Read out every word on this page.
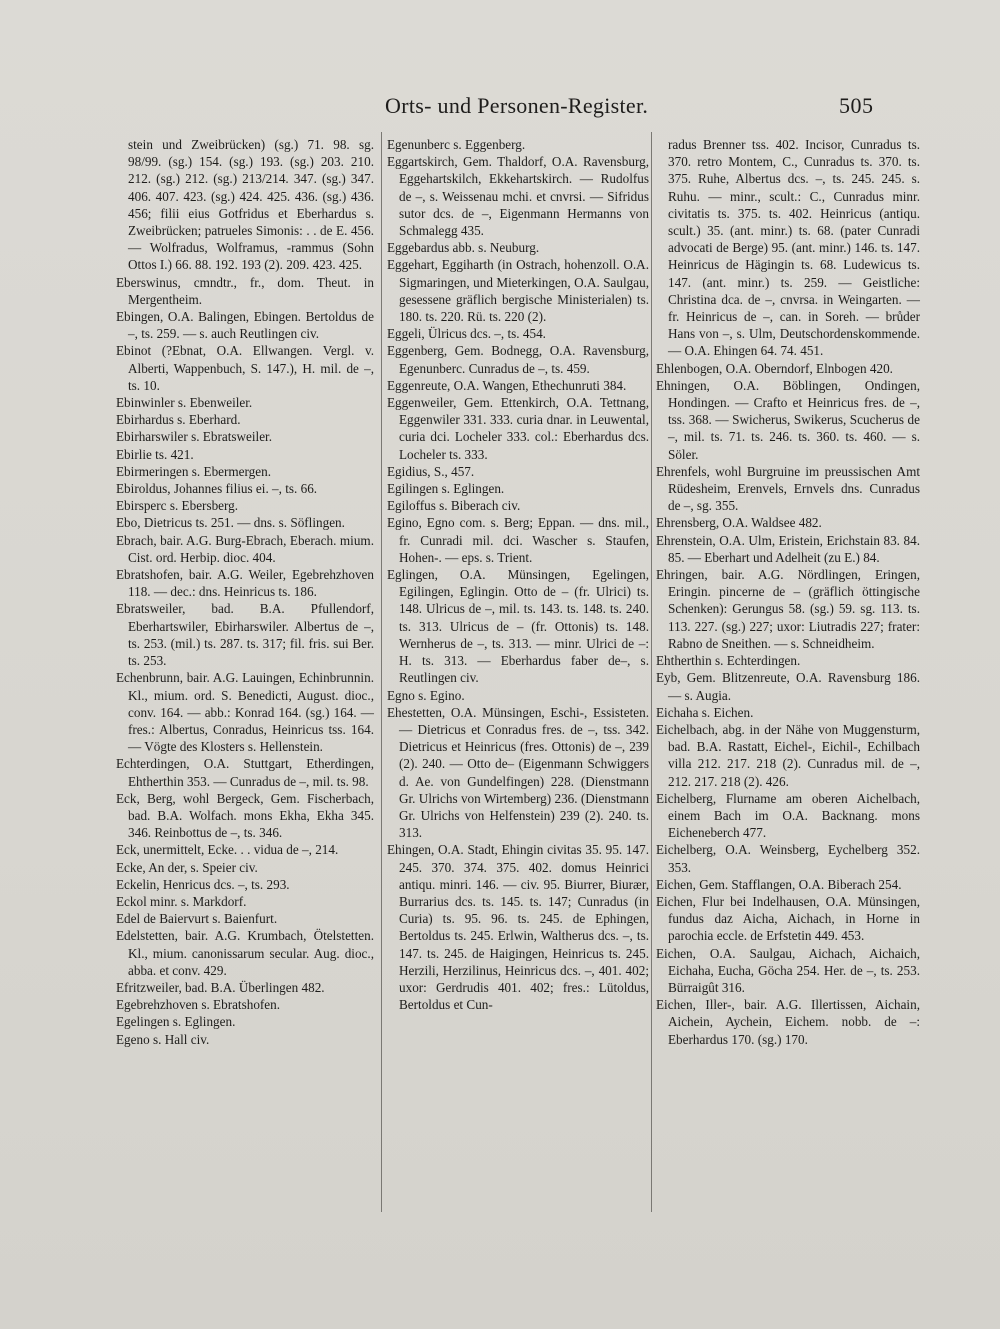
Orts- und Personen-Register.	505

stein und Zweibrücken) (sg.) 71. 98. sg. 98/99. (sg.) 154. (sg.) 193. (sg.) 203. 210. 212. (sg.) 212. (sg.) 213/214. 347. (sg.) 347. 406. 407. 423. (sg.) 424. 425. 436. (sg.) 436. 456; filii eius Gotfridus et Eberhardus s. Zweibrücken; patrueles Simonis: . . de E. 456. — Wolfradus, Wolframus, -rammus (Sohn Ottos I.) 66. 88. 192. 193 (2). 209. 423. 425.

Eberswinus, cmndtr., fr., dom. Theut. in Mergentheim.

Ebingen, O.A. Balingen, Ebingen. Bertoldus de –, ts. 259. — s. auch Reutlingen civ.

Ebinot (?Ebnat, O.A. Ellwangen. Vergl. v. Alberti, Wappenbuch, S. 147.), H. mil. de –, ts. 10.

Ebinwinler s. Ebenweiler.

Ebirhardus s. Eberhard.

Ebirharswiler s. Ebratsweiler.

Ebirlie ts. 421.

Ebirmeringen s. Ebermergen.

Ebiroldus, Johannes filius ei. –, ts. 66.

Ebirsperc s. Ebersberg.

Ebo, Dietricus ts. 251. — dns. s. Söflingen.

Ebrach, bair. A.G. Burg-Ebrach, Eberach. mium. Cist. ord. Herbip. dioc. 404.

Ebratshofen, bair. A.G. Weiler, Egebrehzhoven 118. — dec.: dns. Heinricus ts. 186.

Ebratsweiler, bad. B.A. Pfullendorf, Eberhartswiler, Ebirharswiler. Albertus de –, ts. 253. (mil.) ts. 287. ts. 317; fil. fris. sui Ber. ts. 253.

Echenbrunn, bair. A.G. Lauingen, Echinbrunnin. Kl., mium. ord. S. Benedicti, August. dioc., conv. 164. — abb.: Konrad 164. (sg.) 164. — fres.: Albertus, Conradus, Heinricus tss. 164. — Vögte des Klosters s. Hellenstein.

Echterdingen, O.A. Stuttgart, Etherdingen, Ehtherthin 353. — Cunradus de –, mil. ts. 98.

Eck, Berg, wohl Bergeck, Gem. Fischerbach, bad. B.A. Wolfach. mons Ekha, Ekha 345. 346. Reinbottus de –, ts. 346.

Eck, unermittelt, Ecke. . . vidua de –, 214.

Ecke, An der, s. Speier civ.

Eckelin, Henricus dcs. –, ts. 293.

Eckol minr. s. Markdorf.

Edel de Baiervurt s. Baienfurt.

Edelstetten, bair. A.G. Krumbach, Ötelstetten. Kl., mium. canonissarum secular. Aug. dioc., abba. et conv. 429.

Efritzweiler, bad. B.A. Überlingen 482.

Egebrehzhoven s. Ebratshofen.

Egelingen s. Eglingen.

Egeno s. Hall civ.

Egenunberc s. Eggenberg.

Eggartskirch, Gem. Thaldorf, O.A. Ravensburg, Eggehartskilch, Ekkehartskirch. — Rudolfus de –, s. Weissenau mchi. et cnvrsi. — Sifridus sutor dcs. de –, Eigenmann Hermanns von Schmalegg 435.

Eggebardus abb. s. Neuburg.

Eggehart, Eggiharth (in Ostrach, hohenzoll. O.A. Sigmaringen, und Mieterkingen, O.A. Saulgau, gesessene gräflich bergische Ministerialen) ts. 180. ts. 220. Rü. ts. 220 (2).

Eggeli, Ülricus dcs. –, ts. 454.

Eggenberg, Gem. Bodnegg, O.A. Ravensburg, Egenunberc. Cunradus de –, ts. 459.

Eggenreute, O.A. Wangen, Ethechunruti 384.

Eggenweiler, Gem. Ettenkirch, O.A. Tettnang, Eggenwiler 331. 333. curia dnar. in Leuwental, curia dci. Locheler 333. col.: Eberhardus dcs. Locheler ts. 333.

Egidius, S., 457.

Egilingen s. Eglingen.

Egiloffus s. Biberach civ.

Egino, Egno com. s. Berg; Eppan. — dns. mil., fr. Cunradi mil. dci. Wascher s. Staufen, Hohen-. — eps. s. Trient.

Eglingen, O.A. Münsingen, Egelingen, Egilingen, Eglingin. Otto de – (fr. Ulrici) ts. 148. Ulricus de –, mil. ts. 143. ts. 148. ts. 240. ts. 313. Ulricus de – (fr. Ottonis) ts. 148. Wernherus de –, ts. 313. — minr. Ulrici de –: H. ts. 313. — Eberhardus faber de–, s. Reutlingen civ.

Egno s. Egino.

Ehestetten, O.A. Münsingen, Eschi-, Essisteten. — Dietricus et Conradus fres. de –, tss. 342. Dietricus et Heinricus (fres. Ottonis) de –, 239 (2). 240. — Otto de– (Eigenmann Schwiggers d. Ae. von Gundelfingen) 228. (Dienstmann Gr. Ulrichs von Wirtemberg) 236. (Dienstmann Gr. Ulrichs von Helfenstein) 239 (2). 240. ts. 313.

Ehingen, O.A. Stadt, Ehingin civitas 35. 95. 147. 245. 370. 374. 375. 402. domus Heinrici antiqu. minri. 146. — civ. 95. Biurrer, Biurær, Burrarius dcs. ts. 145. ts. 147; Cunradus (in Curia) ts. 95. 96. ts. 245. de Ephingen, Bertoldus ts. 245. Erlwin, Waltherus dcs. –, ts. 147. ts. 245. de Haigingen, Heinricus ts. 245. Herzili, Herzilinus, Heinricus dcs. –, 401. 402; uxor: Gerdrudis 401. 402; fres.: Lütoldus, Bertoldus et Cun-

radus Brenner tss. 402. Incisor, Cunradus ts. 370. retro Montem, C., Cunradus ts. 370. ts. 375. Ruhe, Albertus dcs. –, ts. 245. 245. s. Ruhu. — minr., scult.: C., Cunradus minr. civitatis ts. 375. ts. 402. Heinricus (antiqu. scult.) 35. (ant. minr.) ts. 68. (pater Cunradi advocati de Berge) 95. (ant. minr.) 146. ts. 147. Heinricus de Hägingin ts. 68. Ludewicus ts. 147. (ant. minr.) ts. 259. — Geistliche: Christina dca. de –, cnvrsa. in Weingarten. — fr. Heinricus de –, can. in Soreh. — brůder Hans von –, s. Ulm, Deutschordenskommende. — O.A. Ehingen 64. 74. 451.

Ehlenbogen, O.A. Oberndorf, Elnbogen 420.

Ehningen, O.A. Böblingen, Ondingen, Hondingen. — Crafto et Heinricus fres. de –, tss. 368. — Swicherus, Swikerus, Scucherus de –, mil. ts. 71. ts. 246. ts. 360. ts. 460. — s. Söler.

Ehrenfels, wohl Burgruine im preussischen Amt Rüdesheim, Erenvels, Ernvels dns. Cunradus de –, sg. 355.

Ehrensberg, O.A. Waldsee 482.

Ehrenstein, O.A. Ulm, Eristein, Erichstain 83. 84. 85. — Eberhart und Adelheit (zu E.) 84.

Ehringen, bair. A.G. Nördlingen, Eringen, Eringin. pincerne de – (gräflich öttingische Schenken): Gerungus 58. (sg.) 59. sg. 113. ts. 113. 227. (sg.) 227; uxor: Liutradis 227; frater: Rabno de Sneithen. — s. Schneidheim.

Ehtherthin s. Echterdingen.

Eyb, Gem. Blitzenreute, O.A. Ravensburg 186. — s. Augia.

Eichaha s. Eichen.

Eichelbach, abg. in der Nähe von Muggensturm, bad. B.A. Rastatt, Eichel-, Eichil-, Echilbach villa 212. 217. 218 (2). Cunradus mil. de –, 212. 217. 218 (2). 426.

Eichelberg, Flurname am oberen Aichelbach, einem Bach im O.A. Backnang. mons Eicheneberch 477.

Eichelberg, O.A. Weinsberg, Eychelberg 352. 353.

Eichen, Gem. Stafflangen, O.A. Biberach 254.

Eichen, Flur bei Indelhausen, O.A. Münsingen, fundus daz Aicha, Aichach, in Horne in parochia eccle. de Erfstetin 449. 453.

Eichen, O.A. Saulgau, Aichach, Aichaich, Eichaha, Eucha, Göcha 254. Her. de –, ts. 253. Bürraigût 316.

Eichen, Iller-, bair. A.G. Illertissen, Aichain, Aichein, Aychein, Eichem. nobb. de –: Eberhardus 170. (sg.) 170.
